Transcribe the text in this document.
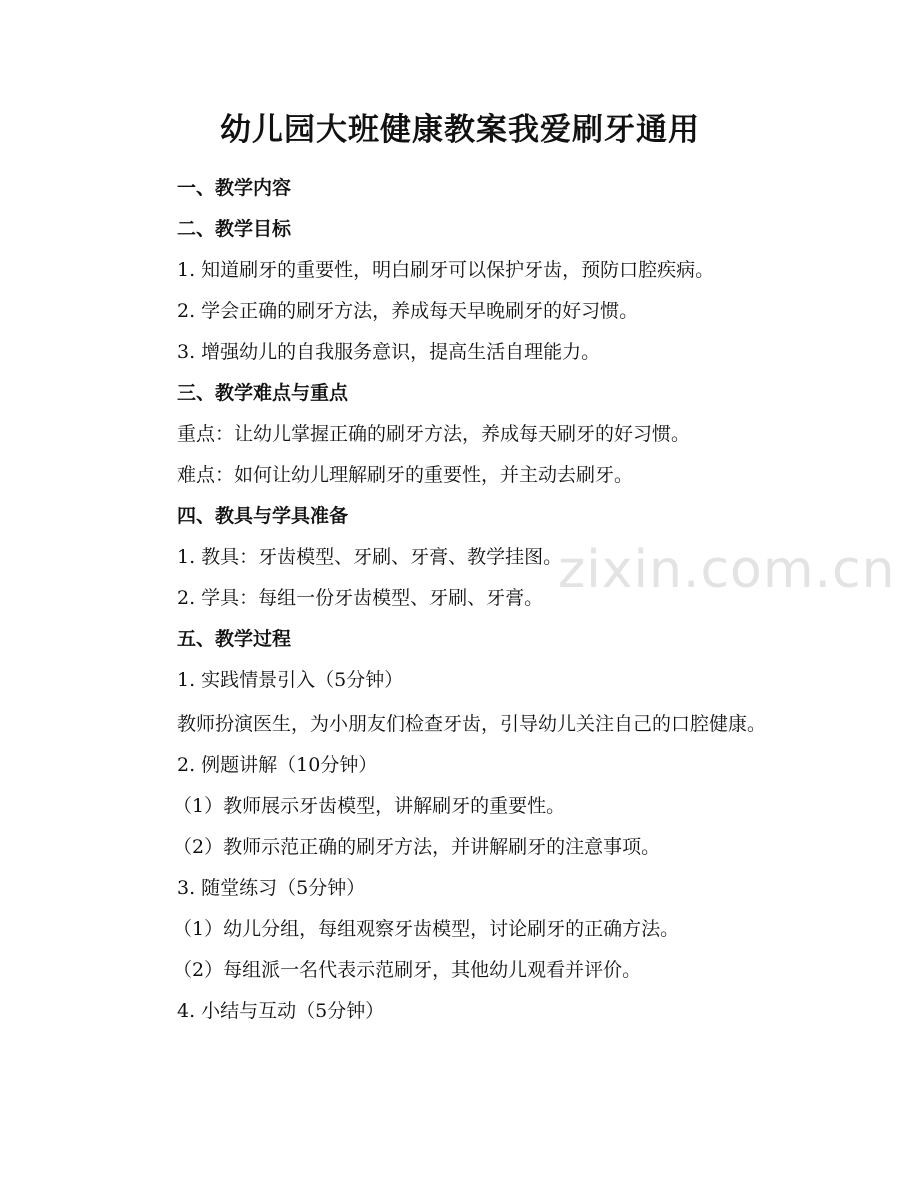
幼儿园大班健康教案我爱刷牙通用
一、教学内容
二、教学目标
1. 知道刷牙的重要性，明白刷牙可以保护牙齿，预防口腔疾病。
2. 学会正确的刷牙方法，养成每天早晚刷牙的好习惯。
3. 增强幼儿的自我服务意识，提高生活自理能力。
三、教学难点与重点
重点：让幼儿掌握正确的刷牙方法，养成每天刷牙的好习惯。
难点：如何让幼儿理解刷牙的重要性，并主动去刷牙。
四、教具与学具准备
1. 教具：牙齿模型、牙刷、牙膏、教学挂图。
2. 学具：每组一份牙齿模型、牙刷、牙膏。
五、教学过程
1. 实践情景引入（5分钟）
教师扮演医生，为小朋友们检查牙齿，引导幼儿关注自己的口腔健康。
2. 例题讲解（10分钟）
（1）教师展示牙齿模型，讲解刷牙的重要性。
（2）教师示范正确的刷牙方法，并讲解刷牙的注意事项。
3. 随堂练习（5分钟）
（1）幼儿分组，每组观察牙齿模型，讨论刷牙的正确方法。
（2）每组派一名代表示范刷牙，其他幼儿观看并评价。
4. 小结与互动（5分钟）
zixin.com.cn
